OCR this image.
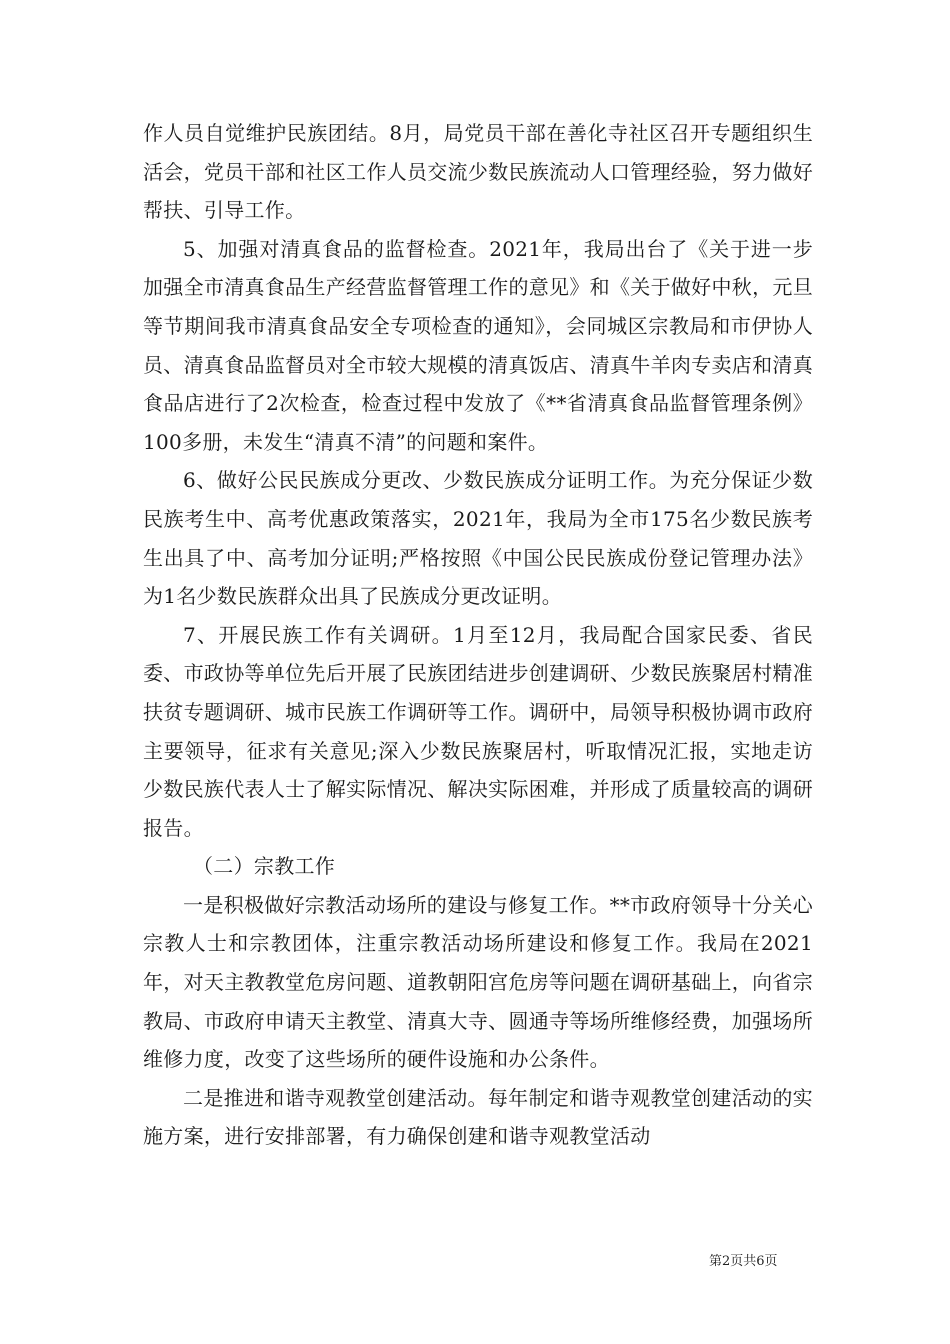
作人员自觉维护民族团结。8月，局党员干部在善化寺社区召开专题组织生活会，党员干部和社区工作人员交流少数民族流动人口管理经验，努力做好帮扶、引导工作。

5、加强对清真食品的监督检查。2021年，我局出台了《关于进一步加强全市清真食品生产经营监督管理工作的意见》和《关于做好中秋，元旦等节期间我市清真食品安全专项检查的通知》，会同城区宗教局和市伊协人员、清真食品监督员对全市较大规模的清真饭店、清真牛羊肉专卖店和清真食品店进行了2次检查，检查过程中发放了《**省清真食品监督管理条例》100多册，未发生“清真不清”的问题和案件。

6、做好公民民族成分更改、少数民族成分证明工作。为充分保证少数民族考生中、高考优惠政策落实，2021年，我局为全市175名少数民族考生出具了中、高考加分证明;严格按照《中国公民民族成份登记管理办法》为1名少数民族群众出具了民族成分更改证明。

7、开展民族工作有关调研。1月至12月，我局配合国家民委、省民委、市政协等单位先后开展了民族团结进步创建调研、少数民族聚居村精准扶贫专题调研、城市民族工作调研等工作。调研中，局领导积极协调市政府主要领导，征求有关意见;深入少数民族聚居村，听取情况汇报，实地走访少数民族代表人士了解实际情况、解决实际困难，并形成了质量较高的调研报告。

（二）宗教工作

一是积极做好宗教活动场所的建设与修复工作。**市政府领导十分关心宗教人士和宗教团体，注重宗教活动场所建设和修复工作。我局在2021年，对天主教教堂危房问题、道教朝阳宫危房等问题在调研基础上，向省宗教局、市政府申请天主教堂、清真大寺、圆通寺等场所维修经费，加强场所维修力度，改变了这些场所的硬件设施和办公条件。

二是推进和谐寺观教堂创建活动。每年制定和谐寺观教堂创建活动的实施方案，进行安排部署，有力确保创建和谐寺观教堂活动

第2页共6页
